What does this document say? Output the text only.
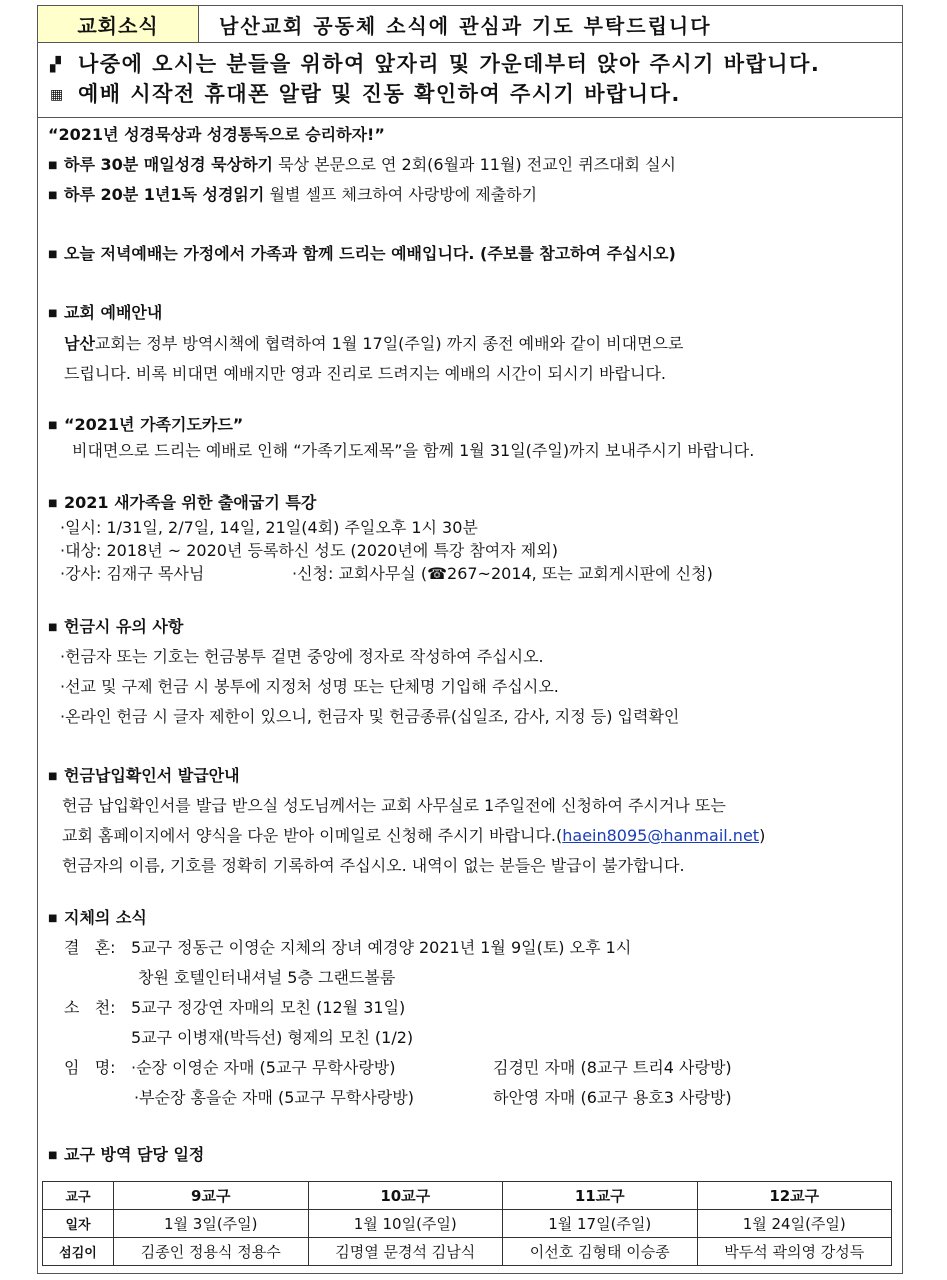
교회소식	남산교회 공동체 소식에 관심과 기도 부탁드립니다
▞ 나중에 오시는 분들을 위하여 앞자리 및 가운데부터 앉아 주시기 바랍니다.
▦ 예배 시작전 휴대폰 알람 및 진동 확인하여 주시기 바랍니다.
“2021년 성경묵상과 성경통독으로 승리하자!”
■ 하루 30분 매일성경 묵상하기 묵상 본문으로 연 2회(6월과 11월) 전교인 퀴즈대회 실시
■ 하루 20분 1년1독 성경읽기 월별 셀프 체크하여 사랑방에 제출하기
■ 오늘 저녁예배는 가정에서 가족과 함께 드리는 예배입니다. (주보를 참고하여 주십시오)
■ 교회 예배안내
남산교회는 정부 방역시책에 협력하여 1월 17일(주일) 까지 종전 예배와 같이 비대면으로
드립니다. 비록 비대면 예배지만 영과 진리로 드려지는 예배의 시간이 되시기 바랍니다.
■ “2021년 가족기도카드”
비대면으로 드리는 예배로 인해 “가족기도제목”을 함께 1월 31일(주일)까지 보내주시기 바랍니다.
■ 2021 새가족을 위한 출애굽기 특강
·일시: 1/31일, 2/7일, 14일, 21일(4회) 주일오후 1시 30분
·대상: 2018년 ~ 2020년 등록하신 성도 (2020년에 특강 참여자 제외)
·강사: 김재구 목사님	·신청: 교회사무실 (☎267~2014, 또는 교회게시판에 신청)
■ 헌금시 유의 사항
·헌금자 또는 기호는 헌금봉투 겉면 중앙에 정자로 작성하여 주십시오.
·선교 및 구제 헌금 시 봉투에 지정처 성명 또는 단체명 기입해 주십시오.
·온라인 헌금 시 글자 제한이 있으니, 헌금자 및 헌금종류(십일조, 감사, 지정 등) 입력확인
■ 헌금납입확인서 발급안내
헌금 납입확인서를 발급 받으실 성도님께서는 교회 사무실로 1주일전에 신청하여 주시거나 또는
교회 홈페이지에서 양식을 다운 받아 이메일로 신청해 주시기 바랍니다.(haein8095@hanmail.net)
헌금자의 이름, 기호를 정확히 기록하여 주십시오. 내역이 없는 분들은 발급이 불가합니다.
■ 지체의 소식
결   혼: 5교구 정동근 이영순 지체의 장녀 예경양 2021년 1월 9일(토) 오후 1시
창원 호텔인터내셔널 5층 그랜드볼룸
소   천: 5교구 정강연 자매의 모친 (12월 31일)
5교구 이병재(박득선) 형제의 모친 (1/2)
임   명: ·순장 이영순 자매 (5교구 무학사랑방)	김경민 자매 (8교구 트리4 사랑방)
·부순장 홍을순 자매 (5교구 무학사랑방)	하안영 자매 (6교구 용호3 사랑방)
■ 교구 방역 담당 일정
교구	9교구	10교구	11교구	12교구
일자	1월 3일(주일)	1월 10일(주일)	1월 17일(주일)	1월 24일(주일)
섬김이	김종인 정용식 정용수	김명열 문경석 김남식	이선호 김형태 이승종	박두석 곽의영 강성득
